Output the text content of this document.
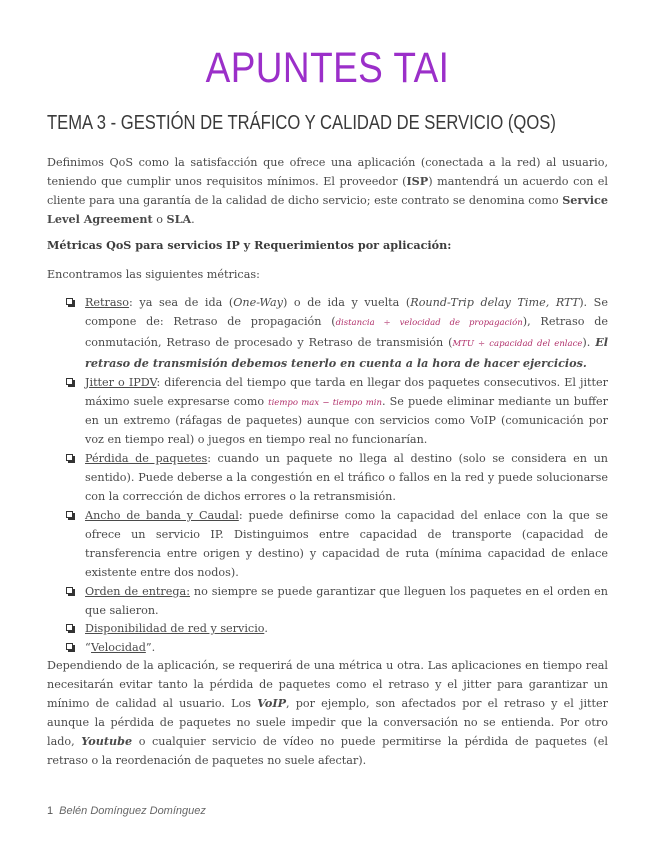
APUNTES TAI
TEMA 3 - GESTIÓN DE TRÁFICO Y CALIDAD DE SERVICIO (QOS)
Definimos QoS como la satisfacción que ofrece una aplicación (conectada a la red) al usuario, teniendo que cumplir unos requisitos mínimos. El proveedor (ISP) mantendrá un acuerdo con el cliente para una garantía de la calidad de dicho servicio; este contrato se denomina como Service Level Agreement o SLA.
Métricas QoS para servicios IP y Requerimientos por aplicación:
Encontramos las siguientes métricas:
Retraso: ya sea de ida (One-Way) o de ida y vuelta (Round-Trip delay Time, RTT). Se compone de: Retraso de propagación (distancia ÷ velocidad de propagación), Retraso de conmutación, Retraso de procesado y Retraso de transmisión (MTU ÷ capacidad del enlace). El retraso de transmisión debemos tenerlo en cuenta a la hora de hacer ejercicios.
Jitter o IPDV: diferencia del tiempo que tarda en llegar dos paquetes consecutivos. El jitter máximo suele expresarse como tiempo max − tiempo min. Se puede eliminar mediante un buffer en un extremo (ráfagas de paquetes) aunque con servicios como VoIP (comunicación por voz en tiempo real) o juegos en tiempo real no funcionarían.
Pérdida de paquetes: cuando un paquete no llega al destino (solo se considera en un sentido). Puede deberse a la congestión en el tráfico o fallos en la red y puede solucionarse con la corrección de dichos errores o la retransmisión.
Ancho de banda y Caudal: puede definirse como la capacidad del enlace con la que se ofrece un servicio IP. Distinguimos entre capacidad de transporte (capacidad de transferencia entre origen y destino) y capacidad de ruta (mínima capacidad de enlace existente entre dos nodos).
Orden de entrega: no siempre se puede garantizar que lleguen los paquetes en el orden en que salieron.
Disponibilidad de red y servicio.
“Velocidad”.
Dependiendo de la aplicación, se requerirá de una métrica u otra. Las aplicaciones en tiempo real necesitarán evitar tanto la pérdida de paquetes como el retraso y el jitter para garantizar un mínimo de calidad al usuario. Los VoIP, por ejemplo, son afectados por el retraso y el jitter aunque la pérdida de paquetes no suele impedir que la conversación no se entienda. Por otro lado, Youtube o cualquier servicio de vídeo no puede permitirse la pérdida de paquetes (el retraso o la reordenación de paquetes no suele afectar).
1 Belén Domínguez Domínguez
